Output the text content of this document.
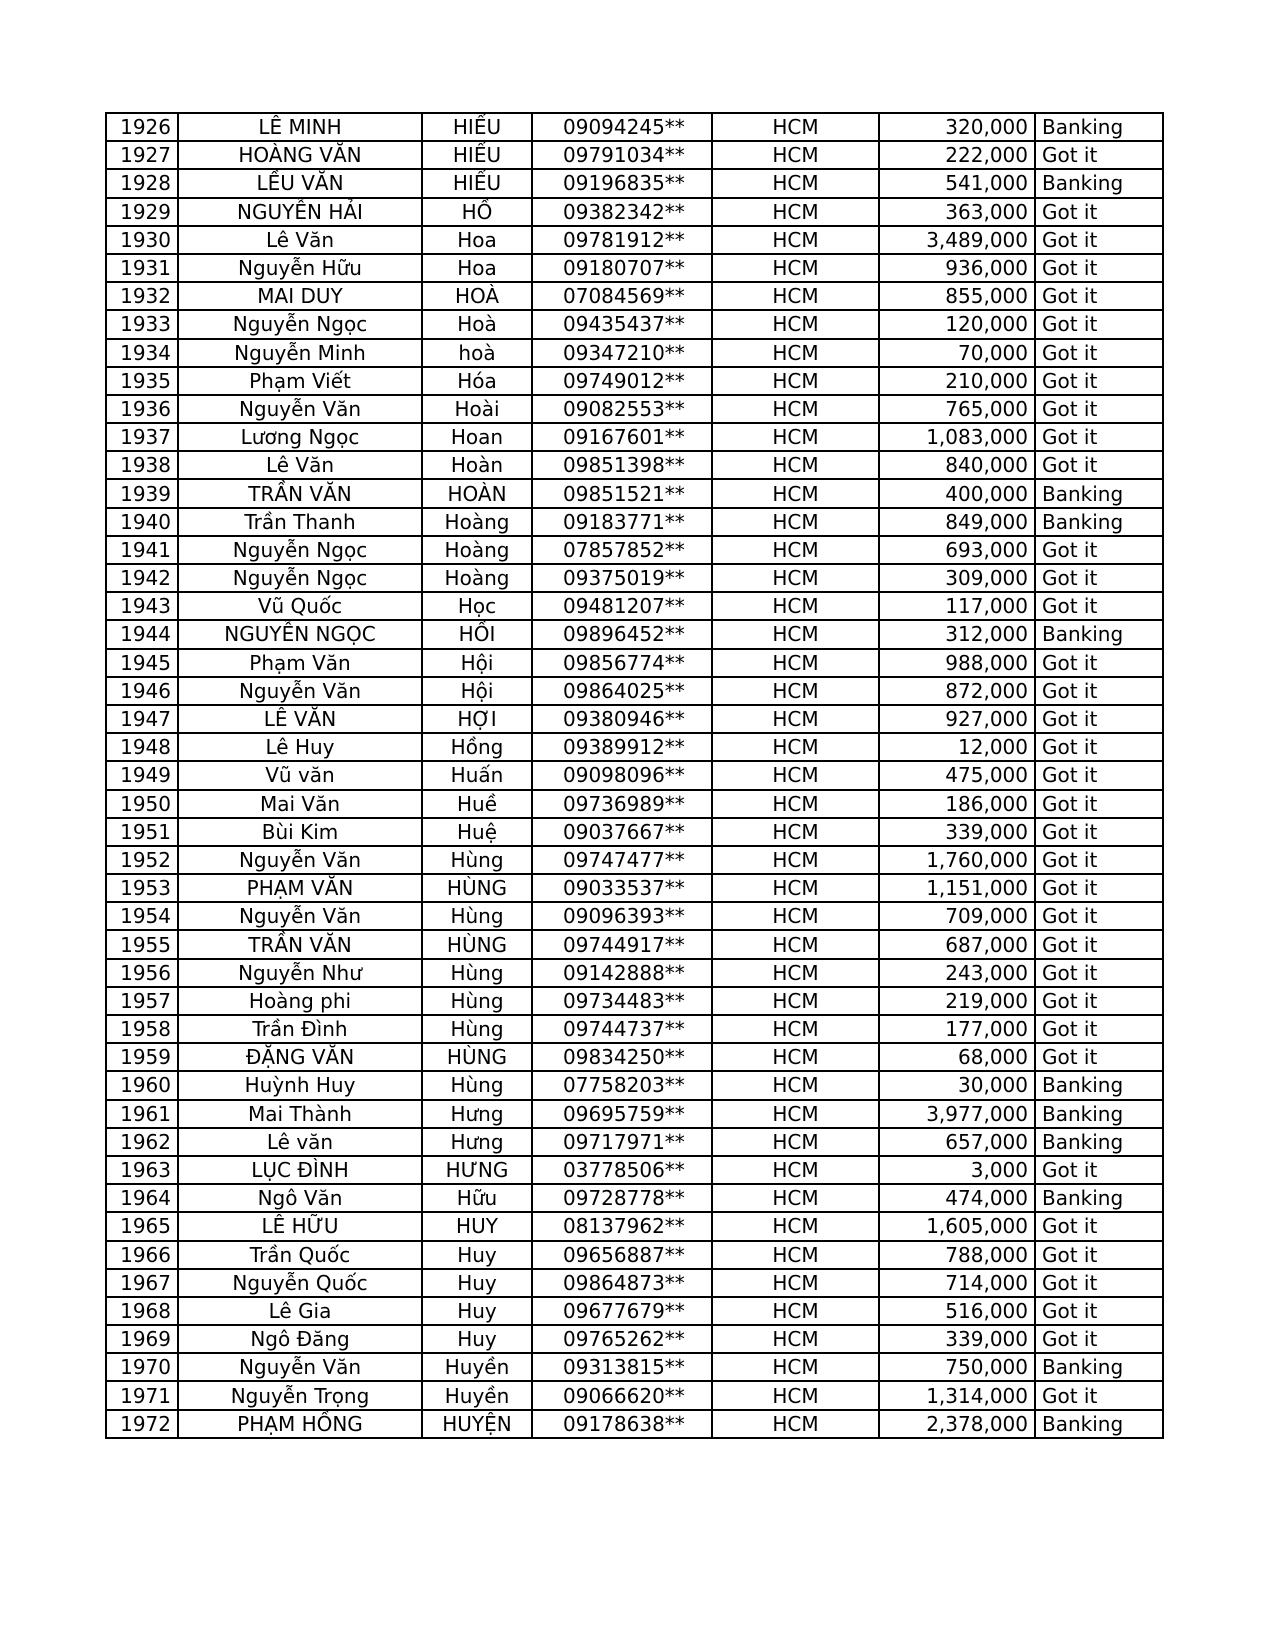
1926	LÊ MINH	HIẾU	09094245**	HCM	320,000	Banking
1927	HOÀNG VĂN	HIẾU	09791034**	HCM	222,000	Got it
1928	LỀU VĂN	HIẾU	09196835**	HCM	541,000	Banking
1929	NGUYỄN HẢI	HỒ	09382342**	HCM	363,000	Got it
1930	Lê Văn	Hoa	09781912**	HCM	3,489,000	Got it
1931	Nguyễn Hữu	Hoa	09180707**	HCM	936,000	Got it
1932	MAI DUY	HOÀ	07084569**	HCM	855,000	Got it
1933	Nguyễn Ngọc	Hoà	09435437**	HCM	120,000	Got it
1934	Nguyễn Minh	hoà	09347210**	HCM	70,000	Got it
1935	Phạm Viết	Hóa	09749012**	HCM	210,000	Got it
1936	Nguyễn Văn	Hoài	09082553**	HCM	765,000	Got it
1937	Lương Ngọc	Hoan	09167601**	HCM	1,083,000	Got it
1938	Lê Văn	Hoàn	09851398**	HCM	840,000	Got it
1939	TRẦN VĂN	HOÀN	09851521**	HCM	400,000	Banking
1940	Trần Thanh	Hoàng	09183771**	HCM	849,000	Banking
1941	Nguyễn Ngọc	Hoàng	07857852**	HCM	693,000	Got it
1942	Nguyễn Ngọc	Hoàng	09375019**	HCM	309,000	Got it
1943	Vũ Quốc	Học	09481207**	HCM	117,000	Got it
1944	NGUYỄN NGỌC	HỒI	09896452**	HCM	312,000	Banking
1945	Phạm Văn	Hội	09856774**	HCM	988,000	Got it
1946	Nguyễn Văn	Hội	09864025**	HCM	872,000	Got it
1947	LÊ VĂN	HỢI	09380946**	HCM	927,000	Got it
1948	Lê Huy	Hồng	09389912**	HCM	12,000	Got it
1949	Vũ văn	Huấn	09098096**	HCM	475,000	Got it
1950	Mai Văn	Huề	09736989**	HCM	186,000	Got it
1951	Bùi Kim	Huệ	09037667**	HCM	339,000	Got it
1952	Nguyễn Văn	Hùng	09747477**	HCM	1,760,000	Got it
1953	PHẠM VĂN	HÙNG	09033537**	HCM	1,151,000	Got it
1954	Nguyễn Văn	Hùng	09096393**	HCM	709,000	Got it
1955	TRẦN VĂN	HÙNG	09744917**	HCM	687,000	Got it
1956	Nguyễn Như	Hùng	09142888**	HCM	243,000	Got it
1957	Hoàng phi	Hùng	09734483**	HCM	219,000	Got it
1958	Trần Đình	Hùng	09744737**	HCM	177,000	Got it
1959	ĐẶNG VĂN	HÙNG	09834250**	HCM	68,000	Got it
1960	Huỳnh Huy	Hùng	07758203**	HCM	30,000	Banking
1961	Mai Thành	Hưng	09695759**	HCM	3,977,000	Banking
1962	Lê văn	Hưng	09717971**	HCM	657,000	Banking
1963	LỤC ĐÌNH	HƯNG	03778506**	HCM	3,000	Got it
1964	Ngô Văn	Hữu	09728778**	HCM	474,000	Banking
1965	LÊ HỮU	HUY	08137962**	HCM	1,605,000	Got it
1966	Trần Quốc	Huy	09656887**	HCM	788,000	Got it
1967	Nguyễn Quốc	Huy	09864873**	HCM	714,000	Got it
1968	Lê Gia	Huy	09677679**	HCM	516,000	Got it
1969	Ngô Đăng	Huy	09765262**	HCM	339,000	Got it
1970	Nguyễn Văn	Huyền	09313815**	HCM	750,000	Banking
1971	Nguyễn Trọng	Huyền	09066620**	HCM	1,314,000	Got it
1972	PHẠM HỒNG	HUYỆN	09178638**	HCM	2,378,000	Banking
